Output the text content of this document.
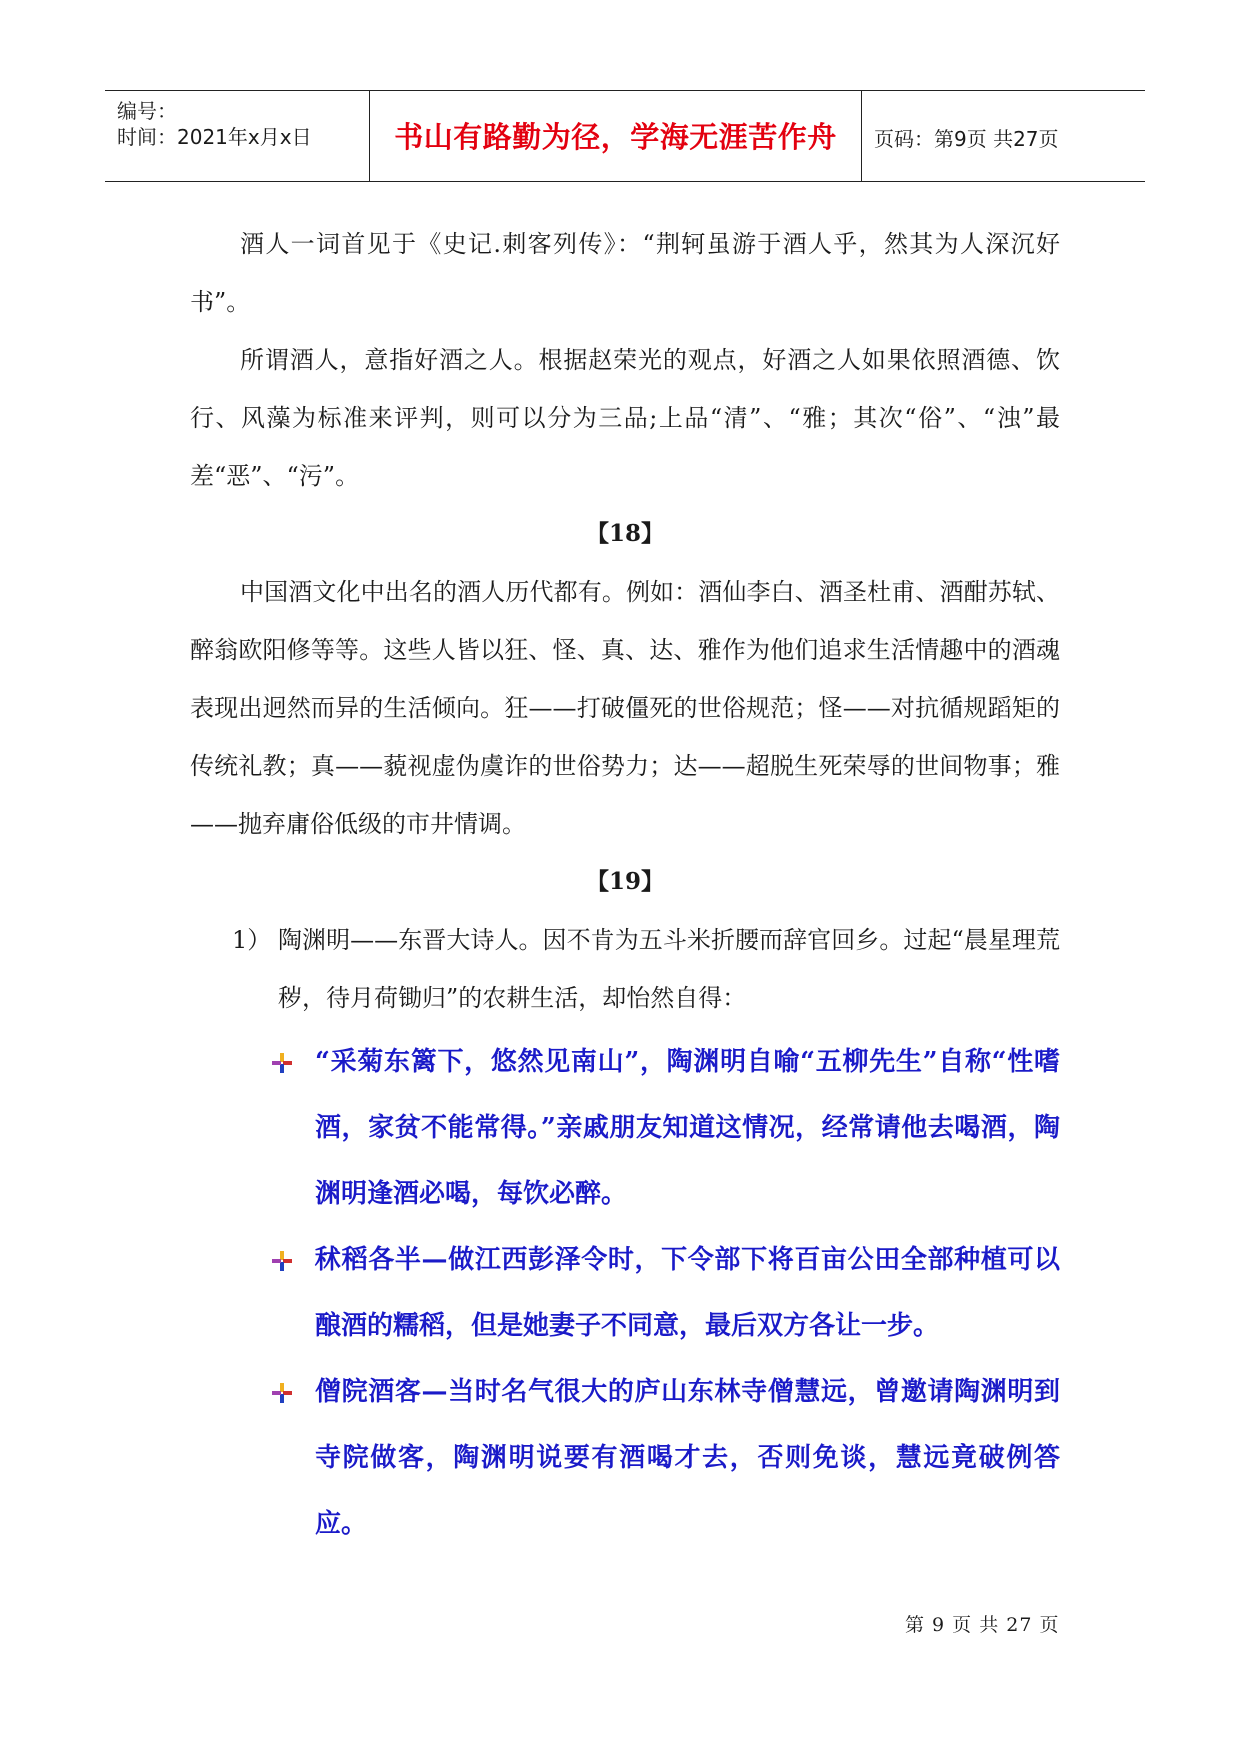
编号：
时间：2021年x月x日	书山有路勤为径，学海无涯苦作舟	页码：第9页 共27页

酒人一词首见于《史记.刺客列传》：“荆轲虽游于酒人乎，然其为人深沉好书”。

所谓酒人，意指好酒之人。根据赵荣光的观点，好酒之人如果依照酒德、饮行、风藻为标准来评判，则可以分为三品;上品“清”、“雅；其次“俗”、“浊”最差“恶”、“污”。

【18】

中国酒文化中出名的酒人历代都有。例如：酒仙李白、酒圣杜甫、酒酣苏轼、醉翁欧阳修等等。这些人皆以狂、怪、真、达、雅作为他们追求生活情趣中的酒魂表现出迥然而异的生活倾向。狂——打破僵死的世俗规范；怪——对抗循规蹈矩的传统礼教；真——藐视虚伪虞诈的世俗势力；达——超脱生死荣辱的世间物事；雅——抛弃庸俗低级的市井情调。

【19】

1） 陶渊明——东晋大诗人。因不肯为五斗米折腰而辞官回乡。过起“晨星理荒秽，待月荷锄归”的农耕生活，却怡然自得：

“采菊东篱下，悠然见南山”，陶渊明自喻“五柳先生”自称“性嗜酒，家贫不能常得。”亲戚朋友知道这情况，经常请他去喝酒，陶渊明逢酒必喝，每饮必醉。

秫稻各半—做江西彭泽令时，下令部下将百亩公田全部种植可以酿酒的糯稻，但是她妻子不同意，最后双方各让一步。

僧院酒客—当时名气很大的庐山东林寺僧慧远，曾邀请陶渊明到寺院做客，陶渊明说要有酒喝才去，否则免谈，慧远竟破例答应。

第 9 页 共 27 页
